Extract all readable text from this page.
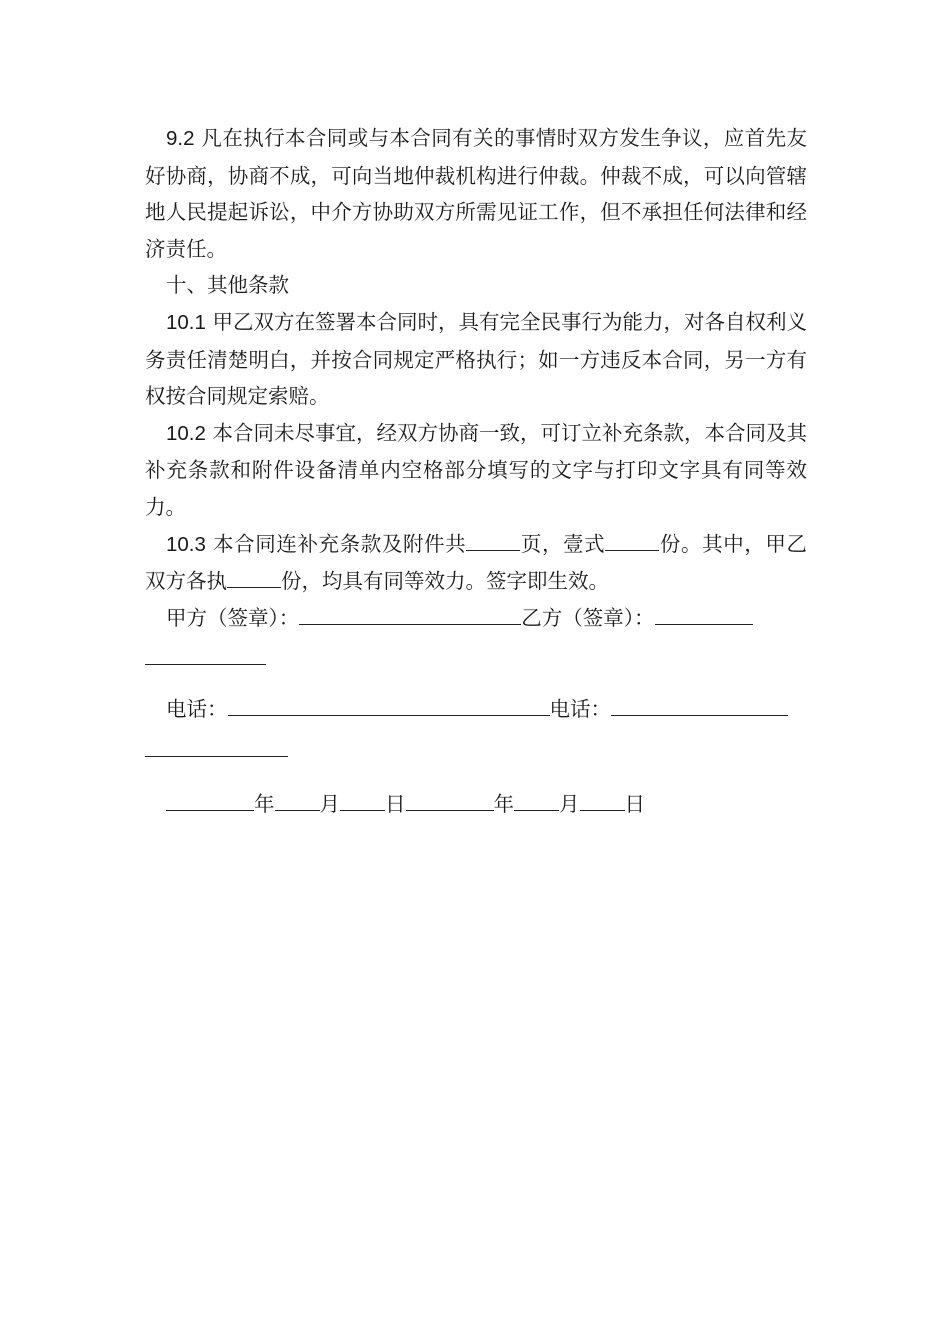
9.2 凡在执行本合同或与本合同有关的事情时双方发生争议，应首先友好协商，协商不成，可向当地仲裁机构进行仲裁。仲裁不成，可以向管辖地人民提起诉讼，中介方协助双方所需见证工作，但不承担任何法律和经济责任。

十、其他条款

10.1 甲乙双方在签署本合同时，具有完全民事行为能力，对各自权利义务责任清楚明白，并按合同规定严格执行；如一方违反本合同，另一方有权按合同规定索赔。

10.2 本合同未尽事宜，经双方协商一致，可订立补充条款，本合同及其补充条款和附件设备清单内空格部分填写的文字与打印文字具有同等效力。

10.3 本合同连补充条款及附件共	页，壹式	份。其中，甲乙双方各执	份，均具有同等效力。签字即生效。

甲方（签章）：	乙方（签章）：
电话：	电话：
年 月 日	年 月 日
